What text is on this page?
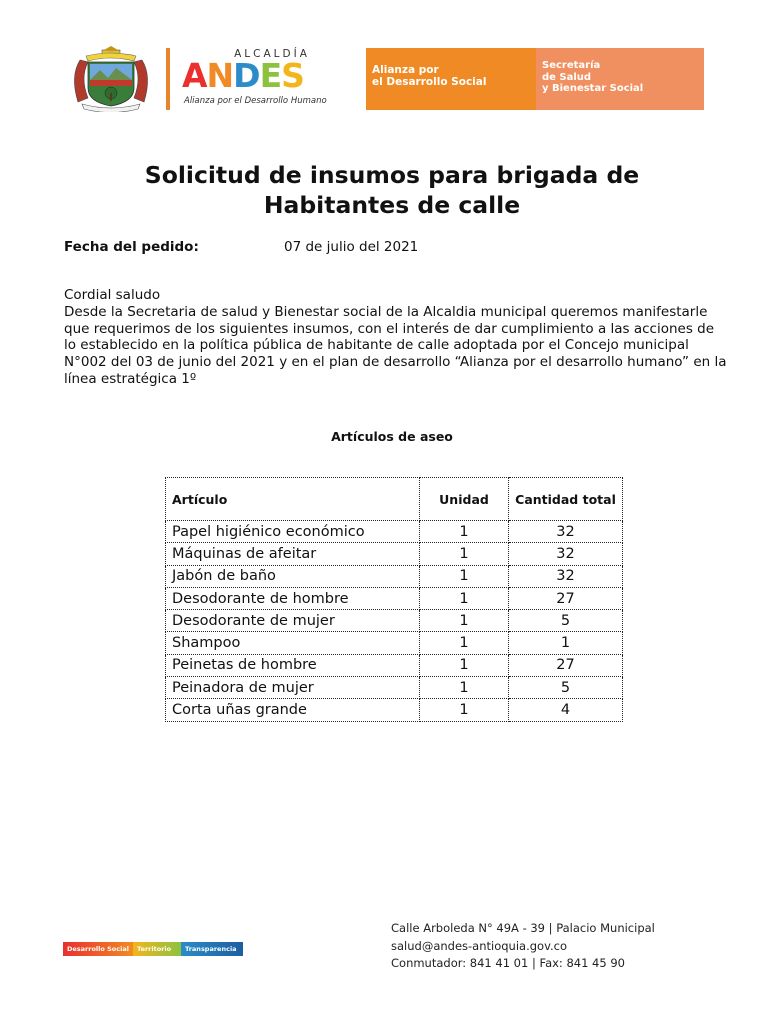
ALCALDÍA
ANDES
Alianza por el Desarrollo Humano
Alianza por
el Desarrollo Social
Secretaría
de Salud
y Bienestar Social
Solicitud de insumos para brigada de
Habitantes de calle
Fecha del pedido:	07 de julio del 2021
Cordial saludo
Desde la Secretaria de salud y Bienestar social de la Alcaldia municipal queremos manifestarle que requerimos de los siguientes insumos, con el interés de dar cumplimiento a las acciones de lo establecido en la política pública de habitante de calle adoptada por el Concejo municipal N°002 del 03 de junio del 2021 y en el plan de desarrollo “Alianza por el desarrollo humano” en la línea estratégica 1º
Artículos de aseo
Artículo	Unidad	Cantidad total
Papel higiénico económico	1	32
Máquinas de afeitar	1	32
Jabón de baño	1	32
Desodorante de hombre	1	27
Desodorante de mujer	1	5
Shampoo	1	1
Peinetas de hombre	1	27
Peinadora de mujer	1	5
Corta uñas grande	1	4
Desarrollo Social	Territorio	Transparencia
Calle Arboleda N° 49A - 39 | Palacio Municipal
salud@andes-antioquia.gov.co
Conmutador: 841 41 01 | Fax: 841 45 90
